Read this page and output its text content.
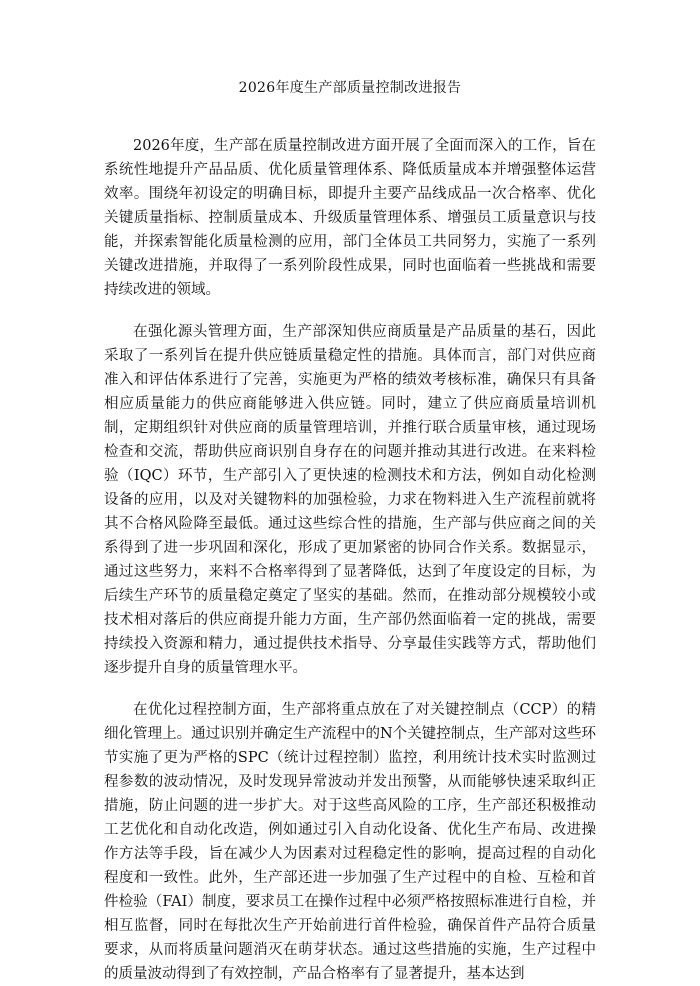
2026年度生产部质量控制改进报告

2026年度，生产部在质量控制改进方面开展了全面而深入的工作，旨在系统性地提升产品品质、优化质量管理体系、降低质量成本并增强整体运营效率。围绕年初设定的明确目标，即提升主要产品线成品一次合格率、优化关键质量指标、控制质量成本、升级质量管理体系、增强员工质量意识与技能，并探索智能化质量检测的应用，部门全体员工共同努力，实施了一系列关键改进措施，并取得了一系列阶段性成果，同时也面临着一些挑战和需要持续改进的领域。

在强化源头管理方面，生产部深知供应商质量是产品质量的基石，因此采取了一系列旨在提升供应链质量稳定性的措施。具体而言，部门对供应商准入和评估体系进行了完善，实施更为严格的绩效考核标准，确保只有具备相应质量能力的供应商能够进入供应链。同时，建立了供应商质量培训机制，定期组织针对供应商的质量管理培训，并推行联合质量审核，通过现场检查和交流，帮助供应商识别自身存在的问题并推动其进行改进。在来料检验（IQC）环节，生产部引入了更快速的检测技术和方法，例如自动化检测设备的应用，以及对关键物料的加强检验，力求在物料进入生产流程前就将其不合格风险降至最低。通过这些综合性的措施，生产部与供应商之间的关系得到了进一步巩固和深化，形成了更加紧密的协同合作关系。数据显示，通过这些努力，来料不合格率得到了显著降低，达到了年度设定的目标，为后续生产环节的质量稳定奠定了坚实的基础。然而，在推动部分规模较小或技术相对落后的供应商提升能力方面，生产部仍然面临着一定的挑战，需要持续投入资源和精力，通过提供技术指导、分享最佳实践等方式，帮助他们逐步提升自身的质量管理水平。

在优化过程控制方面，生产部将重点放在了对关键控制点（CCP）的精细化管理上。通过识别并确定生产流程中的N个关键控制点，生产部对这些环节实施了更为严格的SPC（统计过程控制）监控，利用统计技术实时监测过程参数的波动情况，及时发现异常波动并发出预警，从而能够快速采取纠正措施，防止问题的进一步扩大。对于这些高风险的工序，生产部还积极推动工艺优化和自动化改造，例如通过引入自动化设备、优化生产布局、改进操作方法等手段，旨在减少人为因素对过程稳定性的影响，提高过程的自动化程度和一致性。此外，生产部还进一步加强了生产过程中的自检、互检和首件检验（FAI）制度，要求员工在操作过程中必须严格按照标准进行自检，并相互监督，同时在每批次生产开始前进行首件检验，确保首件产品符合质量要求，从而将质量问题消灭在萌芽状态。通过这些措施的实施，生产过程中的质量波动得到了有效控制，产品合格率有了显著提升，基本达到
